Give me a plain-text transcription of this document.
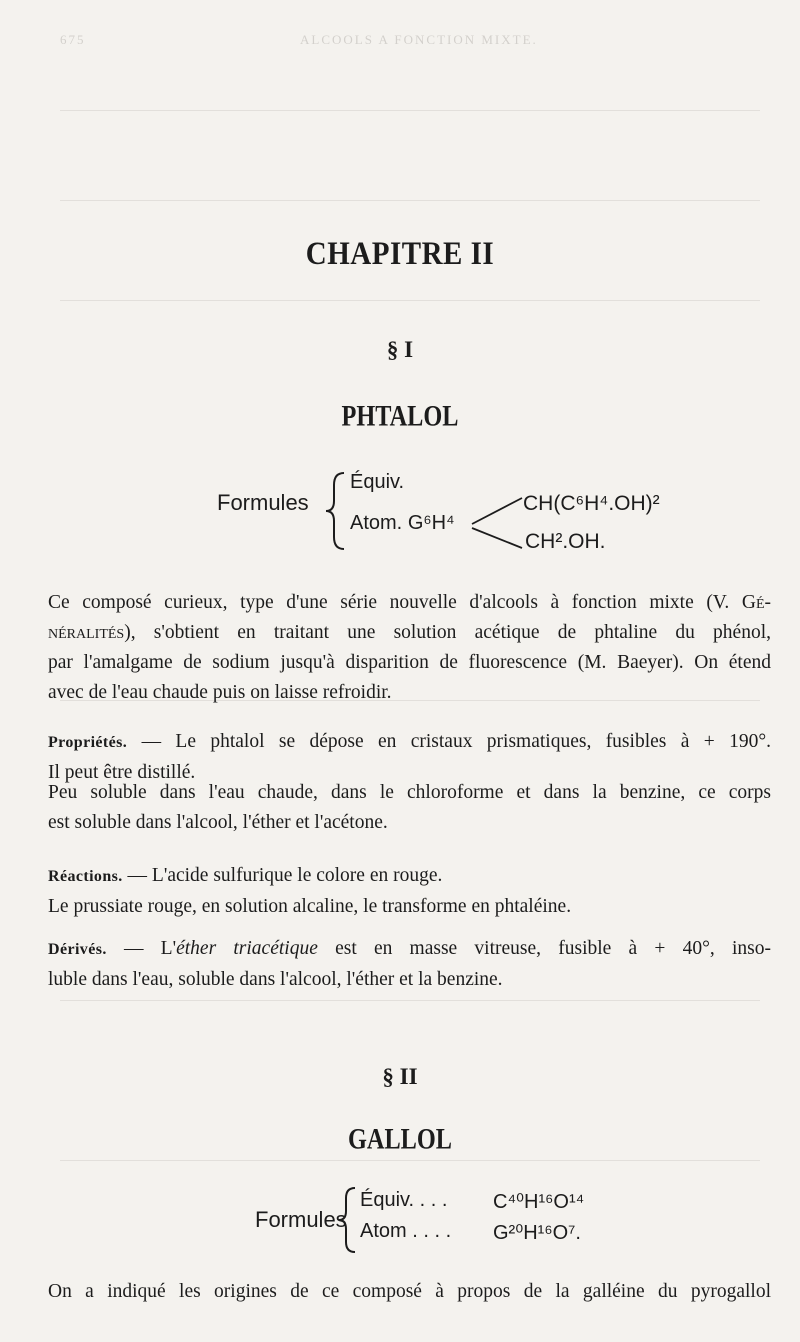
675	ALCOOLS A FONCTION MIXTE.
CHAPITRE II
§ I
PHTALOL
Formules
Équiv.
Atom. G⁶H⁴
CH(C⁶H⁴.OH)²
CH².OH.
Ce composé curieux, type d'une série nouvelle d'alcools à fonction mixte (V. Gé-
néralités), s'obtient en traitant une solution acétique de phtaline du phénol,
par l'amalgame de sodium jusqu'à disparition de fluorescence (M. Baeyer). On étend
avec de l'eau chaude puis on laisse refroidir.
Propriétés. — Le phtalol se dépose en cristaux prismatiques, fusibles à + 190°.
Il peut être distillé.
Peu soluble dans l'eau chaude, dans le chloroforme et dans la benzine, ce corps
est soluble dans l'alcool, l'éther et l'acétone.
Réactions. — L'acide sulfurique le colore en rouge.
Le prussiate rouge, en solution alcaline, le transforme en phtaléine.
Dérivés. — L'éther triacétique est en masse vitreuse, fusible à + 40°, inso-
luble dans l'eau, soluble dans l'alcool, l'éther et la benzine.
§ II
GALLOL
Formules
Équiv. . . .
Atom . . . .
C⁴⁰H¹⁶O¹⁴
G²⁰H¹⁶O⁷.
On a indiqué les origines de ce composé à propos de la galléine du pyrogallol
